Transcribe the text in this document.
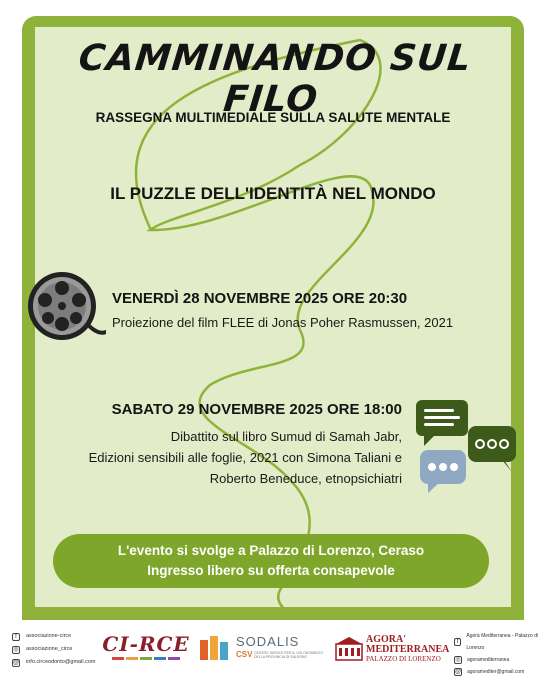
CAMMINANDO SUL FILO
RASSEGNA MULTIMEDIALE SULLA SALUTE MENTALE
IL PUZZLE DELL'IDENTITÀ NEL MONDO
VENERDÌ 28 NOVEMBRE 2025 ORE 20:30
Proiezione del film FLEE di Jonas Poher Rasmussen, 2021
SABATO 29 NOVEMBRE 2025 ORE 18:00
Dibattito sul libro Sumud di Samah Jabr,
Edizioni sensibili alle foglie, 2021 con Simona Taliani e
Roberto Beneduce, etnopsichiatri
L'evento si svolge a Palazzo di Lorenzo, Ceraso
Ingresso libero su offerta consapevole
f	associazione-circe
◎ associazione_circe
@ info.circeodonto@gmail.com
CI-RCE	SODALIS
CSV CENTRO SERVIZI PER IL VOLONTARIATO DELLA PROVINCIA DI SALERNO
AGORA'
MEDITERRANEA
PALAZZO DI LORENZO
f
Agorà Mediterranea - Palazzo di Lorenzo
◎ agoramediterranea
@ agoramediter@gmail.com
